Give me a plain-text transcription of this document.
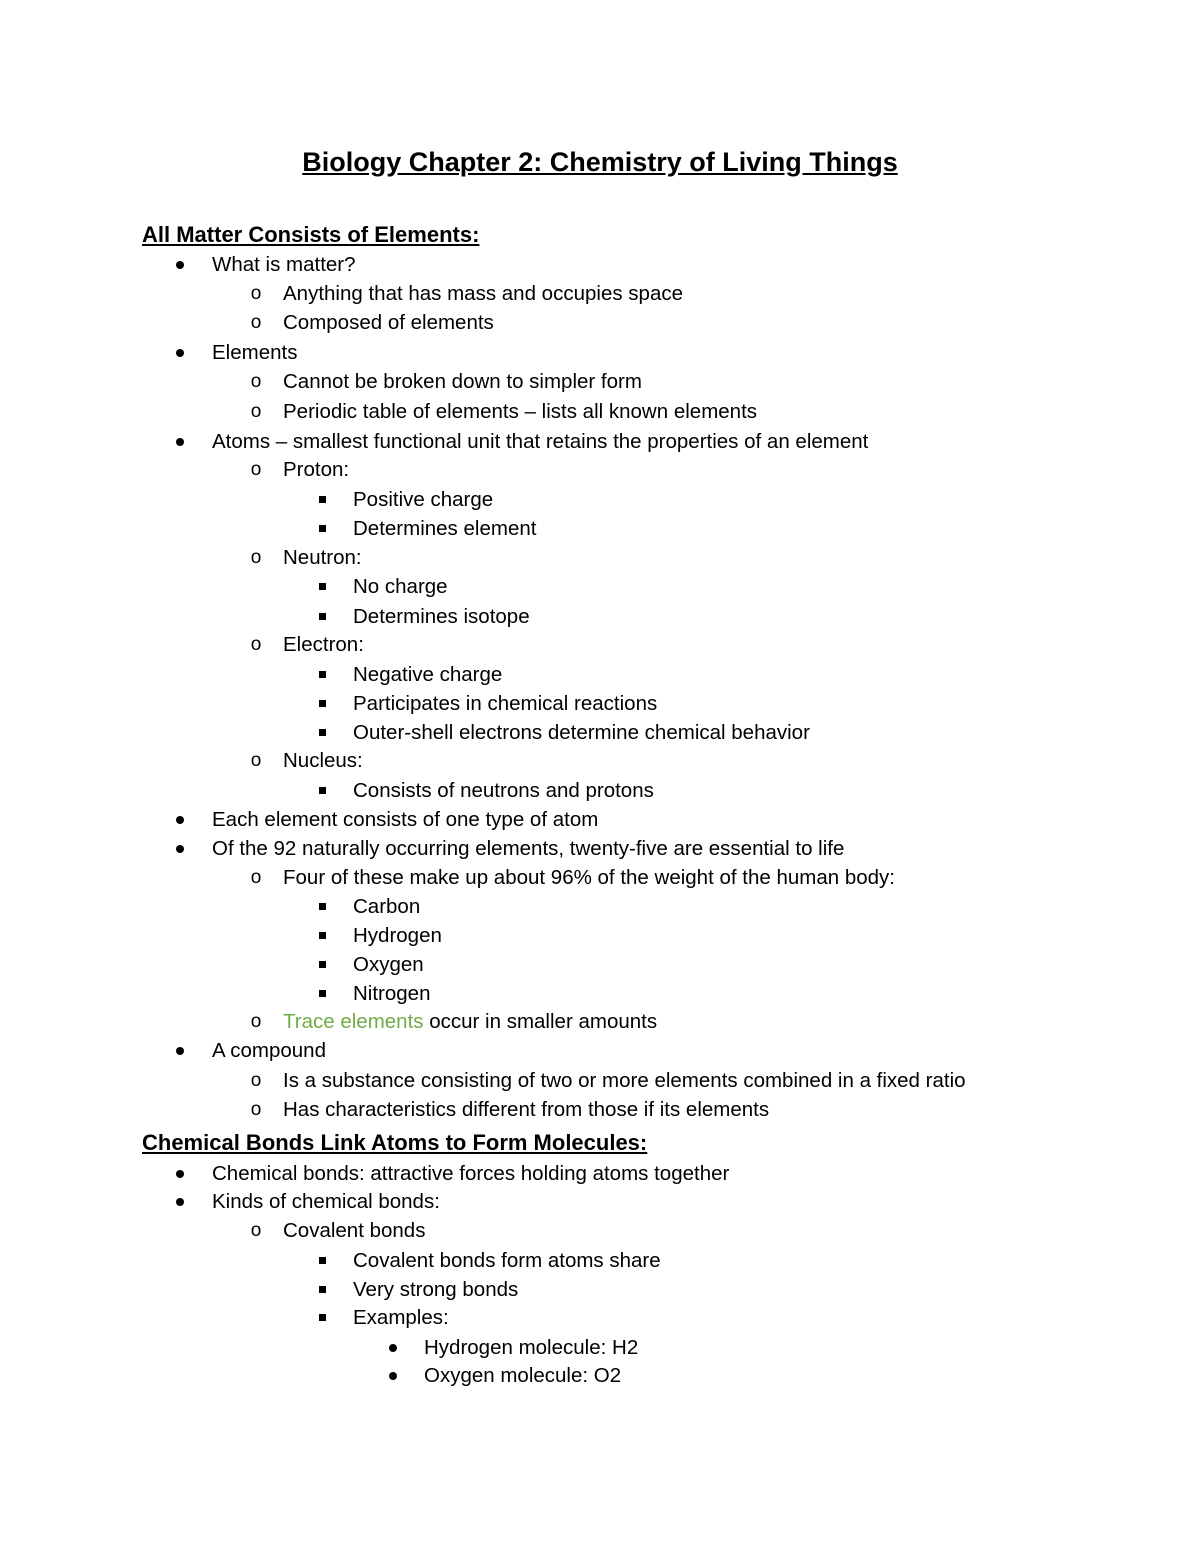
Biology Chapter 2: Chemistry of Living Things
All Matter Consists of Elements:
What is matter?
o	Anything that has mass and occupies space
o	Composed of elements
Elements
o	Cannot be broken down to simpler form
o	Periodic table of elements – lists all known elements
Atoms – smallest functional unit that retains the properties of an element
o	Proton:
Positive charge
Determines element
o	Neutron:
No charge
Determines isotope
o	Electron:
Negative charge
Participates in chemical reactions
Outer-shell electrons determine chemical behavior
o	Nucleus:
Consists of neutrons and protons
Each element consists of one type of atom
Of the 92 naturally occurring elements, twenty-five are essential to life
o	Four of these make up about 96% of the weight of the human body:
Carbon
Hydrogen
Oxygen
Nitrogen
o	Trace elements occur in smaller amounts
A compound
o	Is a substance consisting of two or more elements combined in a fixed ratio
o	Has characteristics different from those if its elements
Chemical Bonds Link Atoms to Form Molecules:
Chemical bonds: attractive forces holding atoms together
Kinds of chemical bonds:
o	Covalent bonds
Covalent bonds form atoms share
Very strong bonds
Examples:
Hydrogen molecule: H2
Oxygen molecule: O2
